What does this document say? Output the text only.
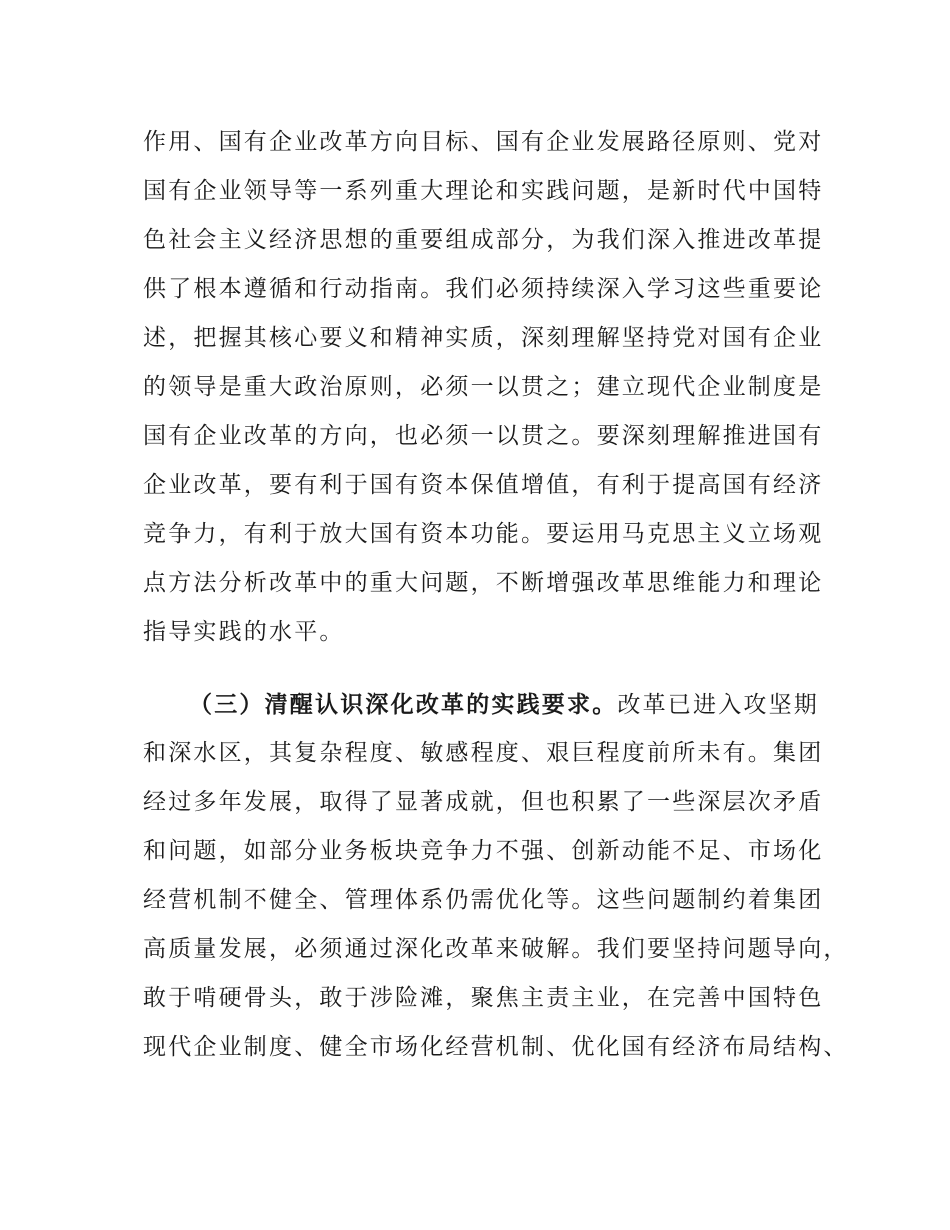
作用、国有企业改革方向目标、国有企业发展路径原则、党对
国有企业领导等一系列重大理论和实践问题，是新时代中国特
色社会主义经济思想的重要组成部分，为我们深入推进改革提
供了根本遵循和行动指南。我们必须持续深入学习这些重要论
述，把握其核心要义和精神实质，深刻理解坚持党对国有企业
的领导是重大政治原则，必须一以贯之；建立现代企业制度是
国有企业改革的方向，也必须一以贯之。要深刻理解推进国有
企业改革，要有利于国有资本保值增值，有利于提高国有经济
竞争力，有利于放大国有资本功能。要运用马克思主义立场观
点方法分析改革中的重大问题，不断增强改革思维能力和理论
指导实践的水平。
（三）清醒认识深化改革的实践要求。改革已进入攻坚期
和深水区，其复杂程度、敏感程度、艰巨程度前所未有。集团
经过多年发展，取得了显著成就，但也积累了一些深层次矛盾
和问题，如部分业务板块竞争力不强、创新动能不足、市场化
经营机制不健全、管理体系仍需优化等。这些问题制约着集团
高质量发展，必须通过深化改革来破解。我们要坚持问题导向，
敢于啃硬骨头，敢于涉险滩，聚焦主责主业，在完善中国特色
现代企业制度、健全市场化经营机制、优化国有经济布局结构、
